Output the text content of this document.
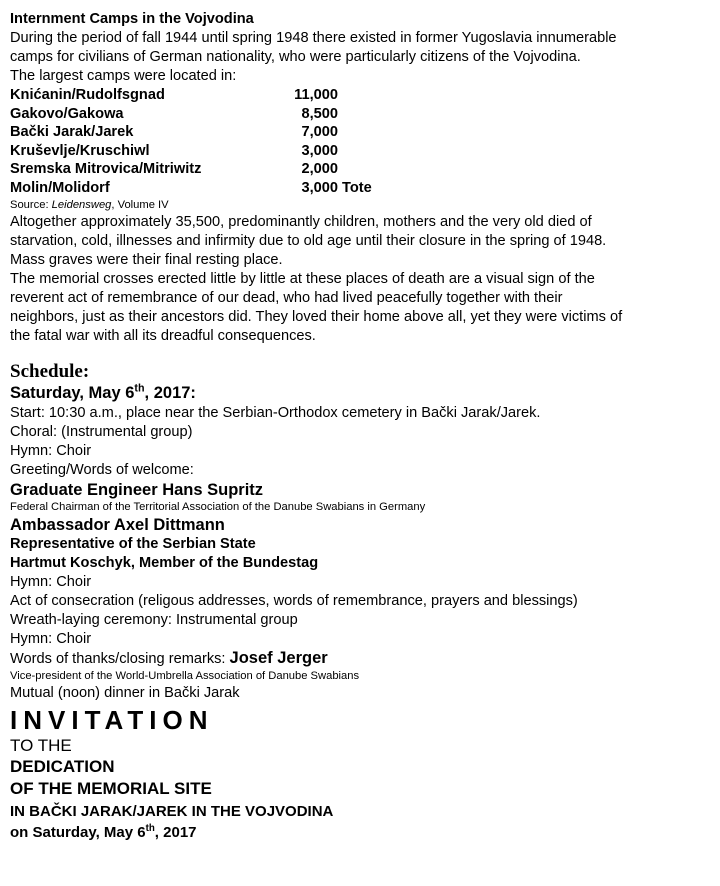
Internment Camps in the Vojvodina
During the period of fall 1944 until spring 1948 there existed in former Yugoslavia innumerable
camps for civilians of German nationality, who were particularly citizens of the Vojvodina.
The largest camps were located in:
Knićanin/Rudolfsgnad	11,000
Gakovo/Gakowa	8,500
Bački Jarak/Jarek	7,000
Kruševlje/Kruschiwl	3,000
Sremska Mitrovica/Mitriwitz	2,000
Molin/Molidorf	3,000 Tote
Source: Leidensweg, Volume IV
Altogether approximately 35,500, predominantly children, mothers and the very old died of
starvation, cold, illnesses and infirmity due to old age until their closure in the spring of 1948.
Mass graves were their final resting place.
The memorial crosses erected little by little at these places of death are a visual sign of the
reverent act of remembrance of our dead, who had lived peacefully together with their
neighbors, just as their ancestors did. They loved their home above all, yet they were victims of
the fatal war with all its dreadful consequences.
Schedule:
Saturday, May 6th, 2017:
Start: 10:30 a.m., place near the Serbian-Orthodox cemetery in Bački Jarak/Jarek.
Choral: (Instrumental group)
Hymn: Choir
Greeting/Words of welcome:
Graduate Engineer Hans Supritz
Federal Chairman of the Territorial Association of the Danube Swabians in Germany
Ambassador Axel Dittmann
Representative of the Serbian State
Hartmut Koschyk, Member of the Bundestag
Hymn: Choir
Act of consecration (religous addresses, words of remembrance, prayers and blessings)
Wreath-laying ceremony: Instrumental group
Hymn: Choir
Words of thanks/closing remarks: Josef Jerger
Vice-president of the World-Umbrella Association of Danube Swabians
Mutual (noon) dinner in Bački Jarak
INVITATION
TO THE
DEDICATION
OF THE MEMORIAL SITE
IN BAČKI JARAK/JAREK IN THE VOJVODINA
on Saturday, May 6th, 2017
